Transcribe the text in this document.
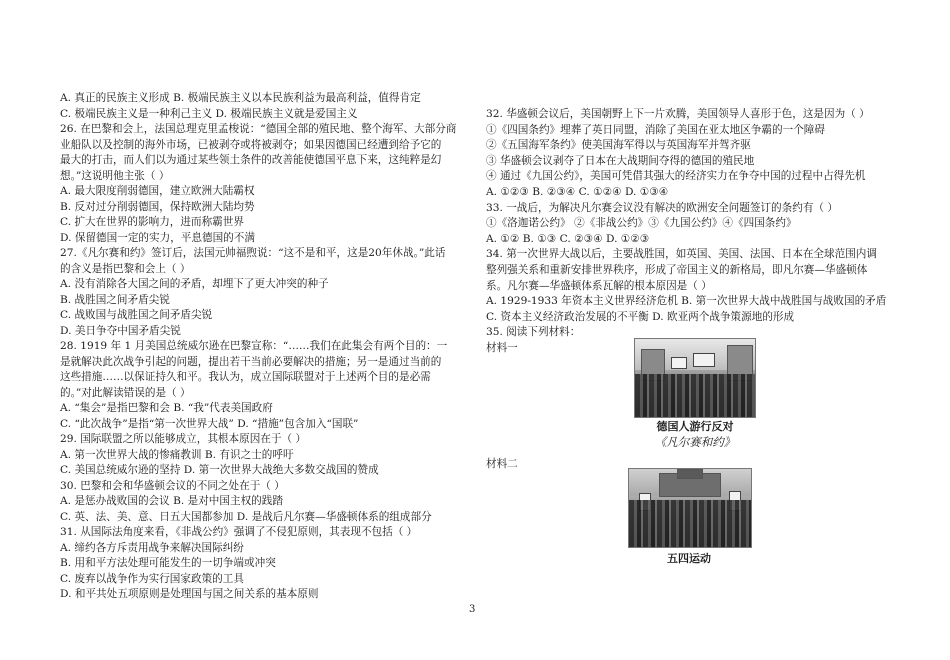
A. 真正的民族主义形成 B. 极端民族主义以本民族利益为最高利益，值得肯定
C. 极端民族主义是一种利己主义 D. 极端民族主义就是爱国主义
26. 在巴黎和会上，法国总理克里孟梭说：“德国全部的殖民地、整个海军、大部分商
业船队以及控制的海外市场，已被剥夺或将被剥夺；如果因德国已经遭到给予它的
最大的打击，而人们以为通过某些领土条件的改善能使德国平息下来，这纯粹是幻
想。”这说明他主张（ ）
A. 最大限度削弱德国，建立欧洲大陆霸权
B. 反对过分削弱德国，保持欧洲大陆均势
C. 扩大在世界的影响力，进而称霸世界
D. 保留德国一定的实力，平息德国的不满
27.《凡尔赛和约》签订后，法国元帅福煦说：“这不是和平，这是20年休战。”此话
的含义是指巴黎和会上（ ）
A. 没有消除各大国之间的矛盾，却埋下了更大冲突的种子
B. 战胜国之间矛盾尖锐
C. 战败国与战胜国之间矛盾尖锐
D. 美日争夺中国矛盾尖锐
28. 1919 年 1 月美国总统威尔逊在巴黎宣称：“……我们在此集会有两个目的：一
是就解决此次战争引起的问题，提出若干当前必要解决的措施；另一是通过当前的
这些措施……以保证持久和平。我认为，成立国际联盟对于上述两个目的是必需
的。”对此解读错误的是（ ）
A. “集会”是指巴黎和会 B. “我”代表美国政府
C. “此次战争”是指“第一次世界大战” D. “措施”包含加入“国联”
29. 国际联盟之所以能够成立，其根本原因在于（ ）
A. 第一次世界大战的惨痛教训 B. 有识之士的呼吁
C. 美国总统威尔逊的坚持 D. 第一次世界大战绝大多数交战国的赞成
30. 巴黎和会和华盛顿会议的不同之处在于（ ）
A. 是惩办战败国的会议 B. 是对中国主权的践踏
C. 英、法、美、意、日五大国都参加 D. 是战后凡尔赛—华盛顿体系的组成部分
31. 从国际法角度来看，《非战公约》强调了不侵犯原则，其表现不包括（ ）
A. 缔约各方斥责用战争来解决国际纠纷
B. 用和平方法处理可能发生的一切争端或冲突
C. 废弃以战争作为实行国家政策的工具
D. 和平共处五项原则是处理国与国之间关系的基本原则
32. 华盛顿会议后，美国朝野上下一片欢腾，美国领导人喜形于色，这是因为（ ）
①《四国条约》埋葬了英日同盟，消除了美国在亚太地区争霸的一个障碍
②《五国海军条约》使美国海军得以与英国海军并驾齐驱
③ 华盛顿会议剥夺了日本在大战期间夺得的德国的殖民地
④ 通过《九国公约》，美国可凭借其强大的经济实力在争夺中国的过程中占得先机
A. ①②③ B. ②③④ C. ①②④ D. ①③④
33. 一战后，为解决凡尔赛会议没有解决的欧洲安全问题签订的条约有（ ）
①《洛迦诺公约》 ②《非战公约》③《九国公约》④《四国条约》
A. ①② B. ①③ C. ②③④ D. ①②③
34. 第一次世界大战以后，主要战胜国，如英国、美国、法国、日本在全球范围内调
整列强关系和重新安排世界秩序，形成了帝国主义的新格局，即凡尔赛—华盛顿体
系。凡尔赛—华盛顿体系瓦解的根本原因是（ ）
A. 1929-1933 年资本主义世界经济危机 B. 第一次世界大战中战胜国与战败国的矛盾
C. 资本主义经济政治发展的不平衡 D. 欧亚两个战争策源地的形成
35. 阅读下列材料：
材料一
德国人游行反对
《凡尔赛和约》
材料二
五四运动
3
